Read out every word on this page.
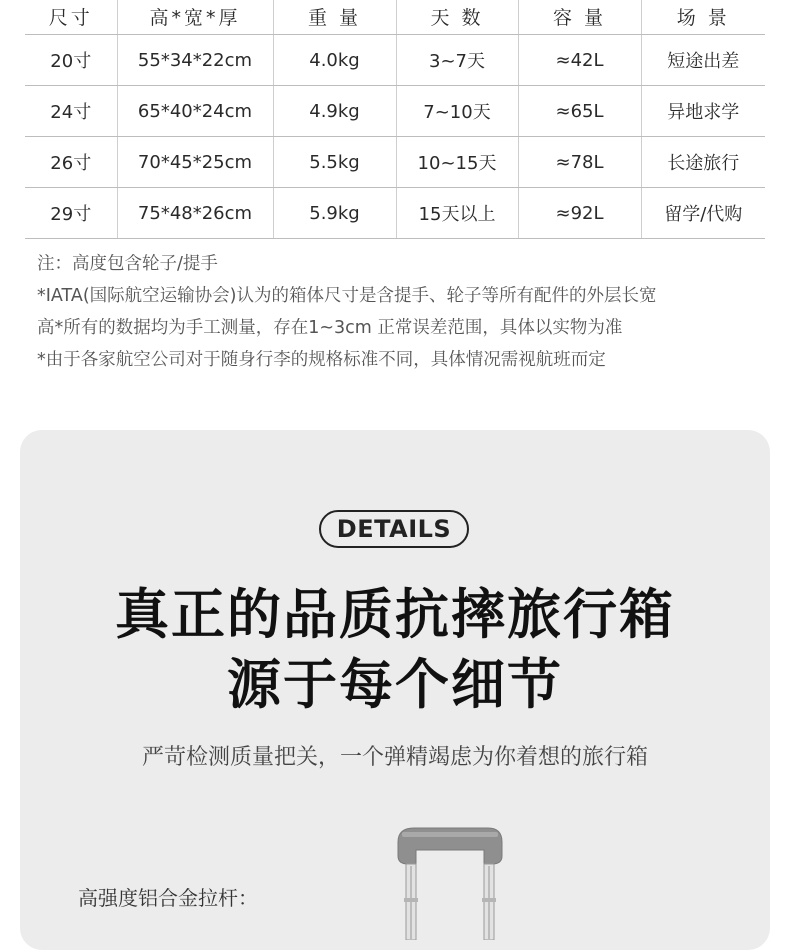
尺寸	高*宽*厚	重 量	天 数	容 量	场 景
20寸	55*34*22cm	4.0kg	3~7天	≈42L	短途出差
24寸	65*40*24cm	4.9kg	7~10天	≈65L	异地求学
26寸	70*45*25cm	5.5kg	10~15天	≈78L	长途旅行
29寸	75*48*26cm	5.9kg	15天以上	≈92L	留学/代购

注：高度包含轮子/提手

*IATA(国际航空运输协会)认为的箱体尺寸是含提手、轮子等所有配件的外层长宽

高*所有的数据均为手工测量，存在1~3cm 正常误差范围，具体以实物为准

*由于各家航空公司对于随身行李的规格标准不同，具体情况需视航班而定

DETAILS
真正的品质抗摔旅行箱
源于每个细节

严苛检测质量把关，一个弹精竭虑为你着想的旅行箱

高强度铝合金拉杆：
